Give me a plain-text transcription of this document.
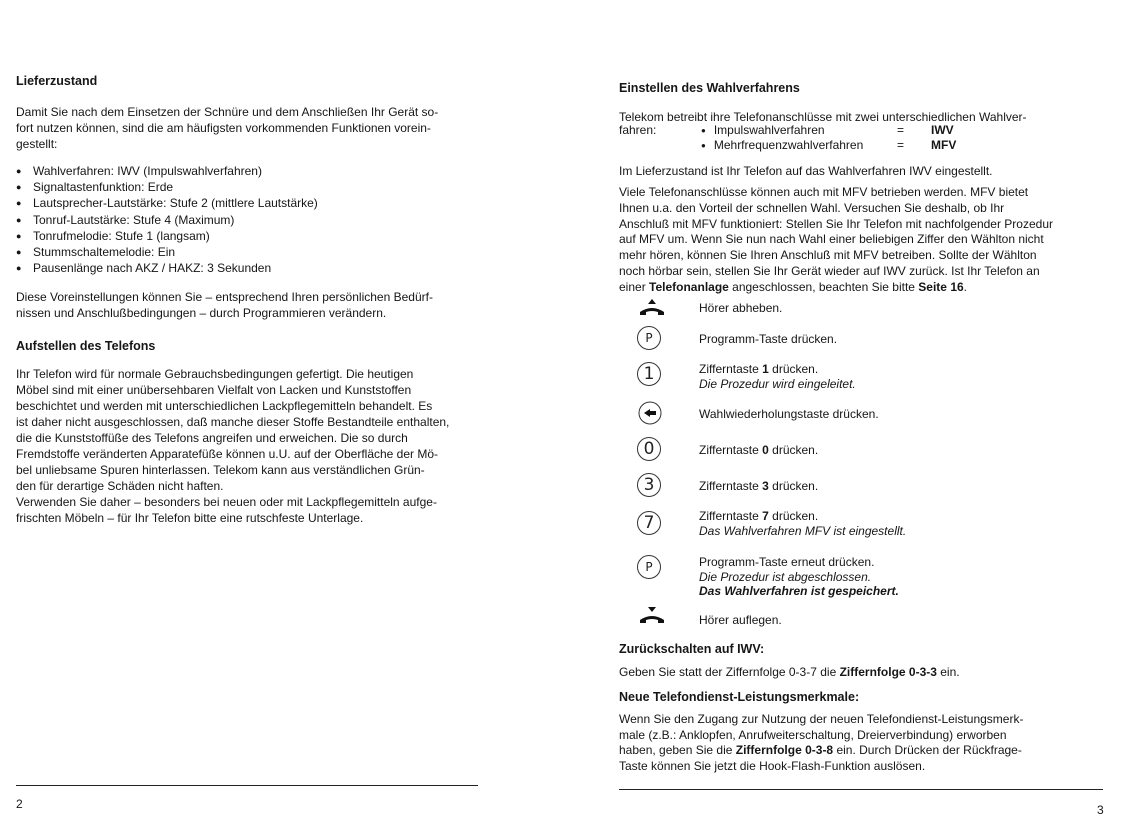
Lieferzustand
Damit Sie nach dem Einsetzen der Schnüre und dem Anschließen Ihr Gerät so-
fort nutzen können, sind die am häufigsten vorkommenden Funktionen vorein-
gestellt:
● Wahlverfahren: IWV (Impulswahlverfahren)
● Signaltastenfunktion: Erde
● Lautsprecher-Lautstärke: Stufe 2 (mittlere Lautstärke)
● Tonruf-Lautstärke: Stufe 4 (Maximum)
● Tonrufmelodie: Stufe 1 (langsam)
● Stummschaltemelodie: Ein
● Pausenlänge nach AKZ / HAKZ: 3 Sekunden
Diese Voreinstellungen können Sie – entsprechend Ihren persönlichen Bedürf-
nissen und Anschlußbedingungen – durch Programmieren verändern.
Aufstellen des Telefons
Ihr Telefon wird für normale Gebrauchsbedingungen gefertigt. Die heutigen
Möbel sind mit einer unübersehbaren Vielfalt von Lacken und Kunststoffen
beschichtet und werden mit unterschiedlichen Lackpflegemitteln behandelt. Es
ist daher nicht ausgeschlossen, daß manche dieser Stoffe Bestandteile enthalten,
die die Kunststoffüße des Telefons angreifen und erweichen. Die so durch
Fremdstoffe veränderten Apparatefüße können u.U. auf der Oberfläche der Mö-
bel unliebsame Spuren hinterlassen. Telekom kann aus verständlichen Grün-
den für derartige Schäden nicht haften.
Verwenden Sie daher – besonders bei neuen oder mit Lackpflegemitteln aufge-
frischten Möbeln – für Ihr Telefon bitte eine rutschfeste Unterlage.
2
Einstellen des Wahlverfahrens
Telekom betreibt ihre Telefonanschlüsse mit zwei unterschiedlichen Wahlver-
fahren:
●	Impulswahlverfahren	=	IWV
● Mehrfrequenzwahlverfahren	=	MFV
Im Lieferzustand ist Ihr Telefon auf das Wahlverfahren IWV eingestellt.
Viele Telefonanschlüsse können auch mit MFV betrieben werden. MFV bietet
Ihnen u.a. den Vorteil der schnellen Wahl. Versuchen Sie deshalb, ob Ihr
Anschluß mit MFV funktioniert: Stellen Sie Ihr Telefon mit nachfolgender Prozedur
auf MFV um. Wenn Sie nun nach Wahl einer beliebigen Ziffer den Wählton nicht
mehr hören, können Sie Ihren Anschluß mit MFV betreiben. Sollte der Wählton
noch hörbar sein, stellen Sie Ihr Gerät wieder auf IWV zurück. Ist Ihr Telefon an
einer Telefonanlage angeschlossen, beachten Sie bitte Seite 16.
Hörer abheben.
P	Programm-Taste drücken.
1	Zifferntaste 1 drücken.
Die Prozedur wird eingeleitet.
Wahlwiederholungstaste drücken.
0	Zifferntaste 0 drücken.
3	Zifferntaste 3 drücken.
7	Zifferntaste 7 drücken.
Das Wahlverfahren MFV ist eingestellt.
P	Programm-Taste erneut drücken.
Die Prozedur ist abgeschlossen.
Das Wahlverfahren ist gespeichert.
Hörer auflegen.
Zurückschalten auf IWV:
Geben Sie statt der Ziffernfolge 0-3-7 die Ziffernfolge 0-3-3 ein.
Neue Telefondienst-Leistungsmerkmale:
Wenn Sie den Zugang zur Nutzung der neuen Telefondienst-Leistungsmerk-
male (z.B.: Anklopfen, Anrufweiterschaltung, Dreierverbindung) erworben
haben, geben Sie die Ziffernfolge 0-3-8 ein. Durch Drücken der Rückfrage-
Taste können Sie jetzt die Hook-Flash-Funktion auslösen.
3
